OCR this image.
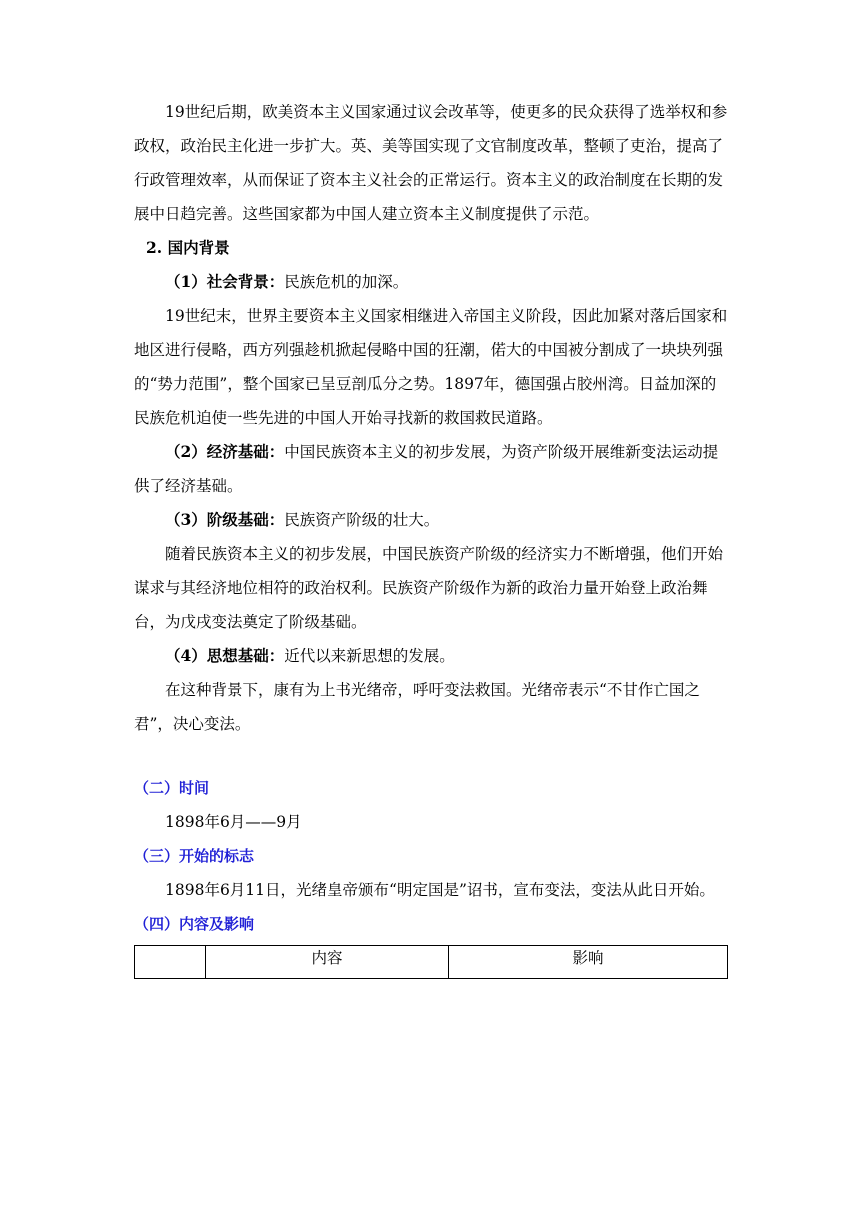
19世纪后期，欧美资本主义国家通过议会改革等，使更多的民众获得了选举权和参政权，政治民主化进一步扩大。英、美等国实现了文官制度改革，整顿了吏治，提高了行政管理效率，从而保证了资本主义社会的正常运行。资本主义的政治制度在长期的发展中日趋完善。这些国家都为中国人建立资本主义制度提供了示范。

2. 国内背景

（1）社会背景：民族危机的加深。

19世纪末，世界主要资本主义国家相继进入帝国主义阶段，因此加紧对落后国家和地区进行侵略，西方列强趁机掀起侵略中国的狂潮，偌大的中国被分割成了一块块列强的“势力范围”，整个国家已呈豆剖瓜分之势。1897年，德国强占胶州湾。日益加深的民族危机迫使一些先进的中国人开始寻找新的救国救民道路。

（2）经济基础：中国民族资本主义的初步发展，为资产阶级开展维新变法运动提供了经济基础。

（3）阶级基础：民族资产阶级的壮大。

随着民族资本主义的初步发展，中国民族资产阶级的经济实力不断增强，他们开始谋求与其经济地位相符的政治权利。民族资产阶级作为新的政治力量开始登上政治舞台，为戊戌变法奠定了阶级基础。

（4）思想基础：近代以来新思想的发展。

在这种背景下，康有为上书光绪帝，呼吁变法救国。光绪帝表示“不甘作亡国之君”，决心变法。

（二）时间

1898年6月——9月

（三）开始的标志

1898年6月11日，光绪皇帝颁布“明定国是”诏书，宣布变法，变法从此日开始。

（四）内容及影响

	内容	影响
